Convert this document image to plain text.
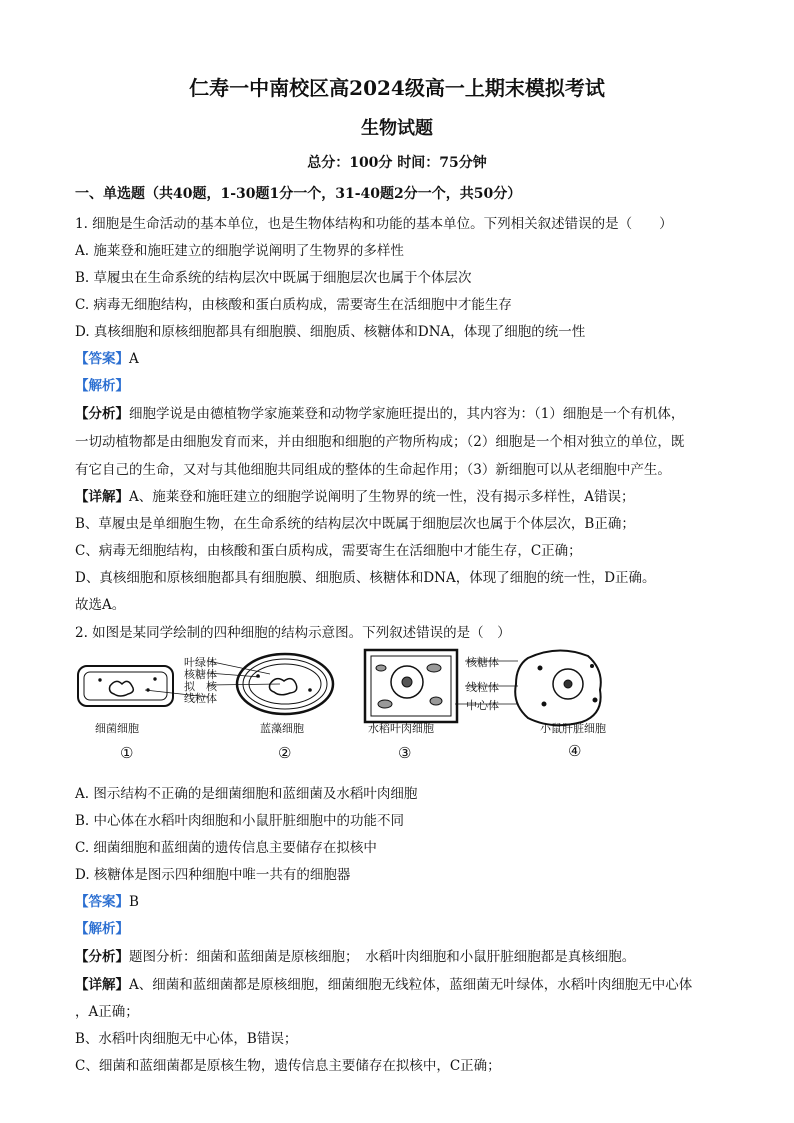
仁寿一中南校区高2024级高一上期末模拟考试
生物试题
总分：100分 时间：75分钟
一、单选题（共40题，1-30题1分一个，31-40题2分一个，共50分）
1. 细胞是生命活动的基本单位，也是生物体结构和功能的基本单位。下列相关叙述错误的是（　　）
A. 施莱登和施旺建立的细胞学说阐明了生物界的多样性
B. 草履虫在生命系统的结构层次中既属于细胞层次也属于个体层次
C. 病毒无细胞结构，由核酸和蛋白质构成，需要寄生在活细胞中才能生存
D. 真核细胞和原核细胞都具有细胞膜、细胞质、核糖体和DNA，体现了细胞的统一性
【答案】A
【解析】
【分析】细胞学说是由德植物学家施莱登和动物学家施旺提出的，其内容为：（1）细胞是一个有机体，
一切动植物都是由细胞发育而来，并由细胞和细胞的产物所构成；（2）细胞是一个相对独立的单位，既
有它自己的生命，又对与其他细胞共同组成的整体的生命起作用；（3）新细胞可以从老细胞中产生。
【详解】A、施莱登和施旺建立的细胞学说阐明了生物界的统一性，没有揭示多样性，A错误；
B、草履虫是单细胞生物，在生命系统的结构层次中既属于细胞层次也属于个体层次，B正确；
C、病毒无细胞结构，由核酸和蛋白质构成，需要寄生在活细胞中才能生存，C正确；
D、真核细胞和原核细胞都具有细胞膜、细胞质、核糖体和DNA，体现了细胞的统一性，D正确。
故选A。
2. 如图是某同学绘制的四种细胞的结构示意图。下列叙述错误的是（　）
叶绿体
核糖体
拟　核
线粒体
核糖体
线粒体
中心体
细菌细胞	蓝藻细胞	水稻叶肉细胞	小鼠肝脏细胞
①	②	③	④
A. 图示结构不正确的是细菌细胞和蓝细菌及水稻叶肉细胞
B. 中心体在水稻叶肉细胞和小鼠肝脏细胞中的功能不同
C. 细菌细胞和蓝细菌的遗传信息主要储存在拟核中
D. 核糖体是图示四种细胞中唯一共有的细胞器
【答案】B
【解析】
【分析】题图分析：细菌和蓝细菌是原核细胞；　水稻叶肉细胞和小鼠肝脏细胞都是真核细胞。
【详解】A、细菌和蓝细菌都是原核细胞，细菌细胞无线粒体，蓝细菌无叶绿体，水稻叶肉细胞无中心体
，A正确；
B、水稻叶肉细胞无中心体，B错误；
C、细菌和蓝细菌都是原核生物，遗传信息主要储存在拟核中，C正确；
